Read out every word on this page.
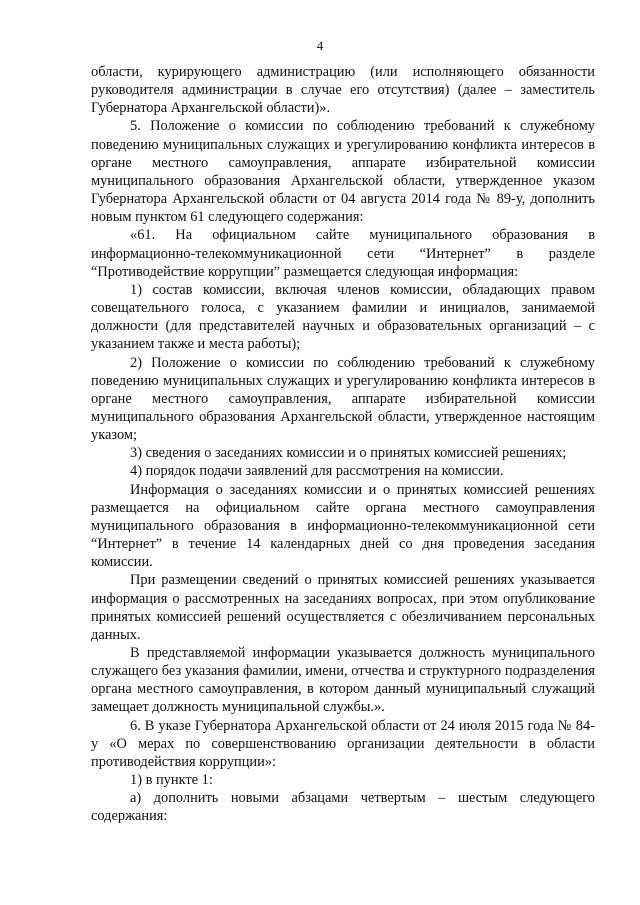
4

области, курирующего администрацию (или исполняющего обязанности руководителя администрации в случае его отсутствия) (далее – заместитель Губернатора Архангельской области)».

5. Положение о комиссии по соблюдению требований к служебному поведению муниципальных служащих и урегулированию конфликта интересов в органе местного самоуправления, аппарате избирательной комиссии муниципального образования Архангельской области, утвержденное указом Губернатора Архангельской области от 04 августа 2014 года № 89-у, дополнить новым пунктом 61 следующего содержания:

«61. На официальном сайте муниципального образования в информационно-телекоммуникационной сети “Интернет” в разделе “Противодействие коррупции” размещается следующая информация:

1) состав комиссии, включая членов комиссии, обладающих правом совещательного голоса, с указанием фамилии и инициалов, занимаемой должности (для представителей научных и образовательных организаций – с указанием также и места работы);

2) Положение о комиссии по соблюдению требований к служебному поведению муниципальных служащих и урегулированию конфликта интересов в органе местного самоуправления, аппарате избирательной комиссии муниципального образования Архангельской области, утвержденное настоящим указом;

3) сведения о заседаниях комиссии и о принятых комиссией решениях;

4) порядок подачи заявлений для рассмотрения на комиссии.

Информация о заседаниях комиссии и о принятых комиссией решениях размещается на официальном сайте органа местного самоуправления муниципального образования в информационно-телекоммуникационной сети “Интернет” в течение 14 календарных дней со дня проведения заседания комиссии.

При размещении сведений о принятых комиссией решениях указывается информация о рассмотренных на заседаниях вопросах, при этом опубликование принятых комиссией решений осуществляется с обезличиванием персональных данных.

В представляемой информации указывается должность муниципального служащего без указания фамилии, имени, отчества и структурного подразделения органа местного самоуправления, в котором данный муниципальный служащий замещает должность муниципальной службы.».

6. В указе Губернатора Архангельской области от 24 июля 2015 года № 84-у «О мерах по совершенствованию организации деятельности в области противодействия коррупции»:

1) в пункте 1:

а) дополнить новыми абзацами четвертым – шестым следующего содержания:
